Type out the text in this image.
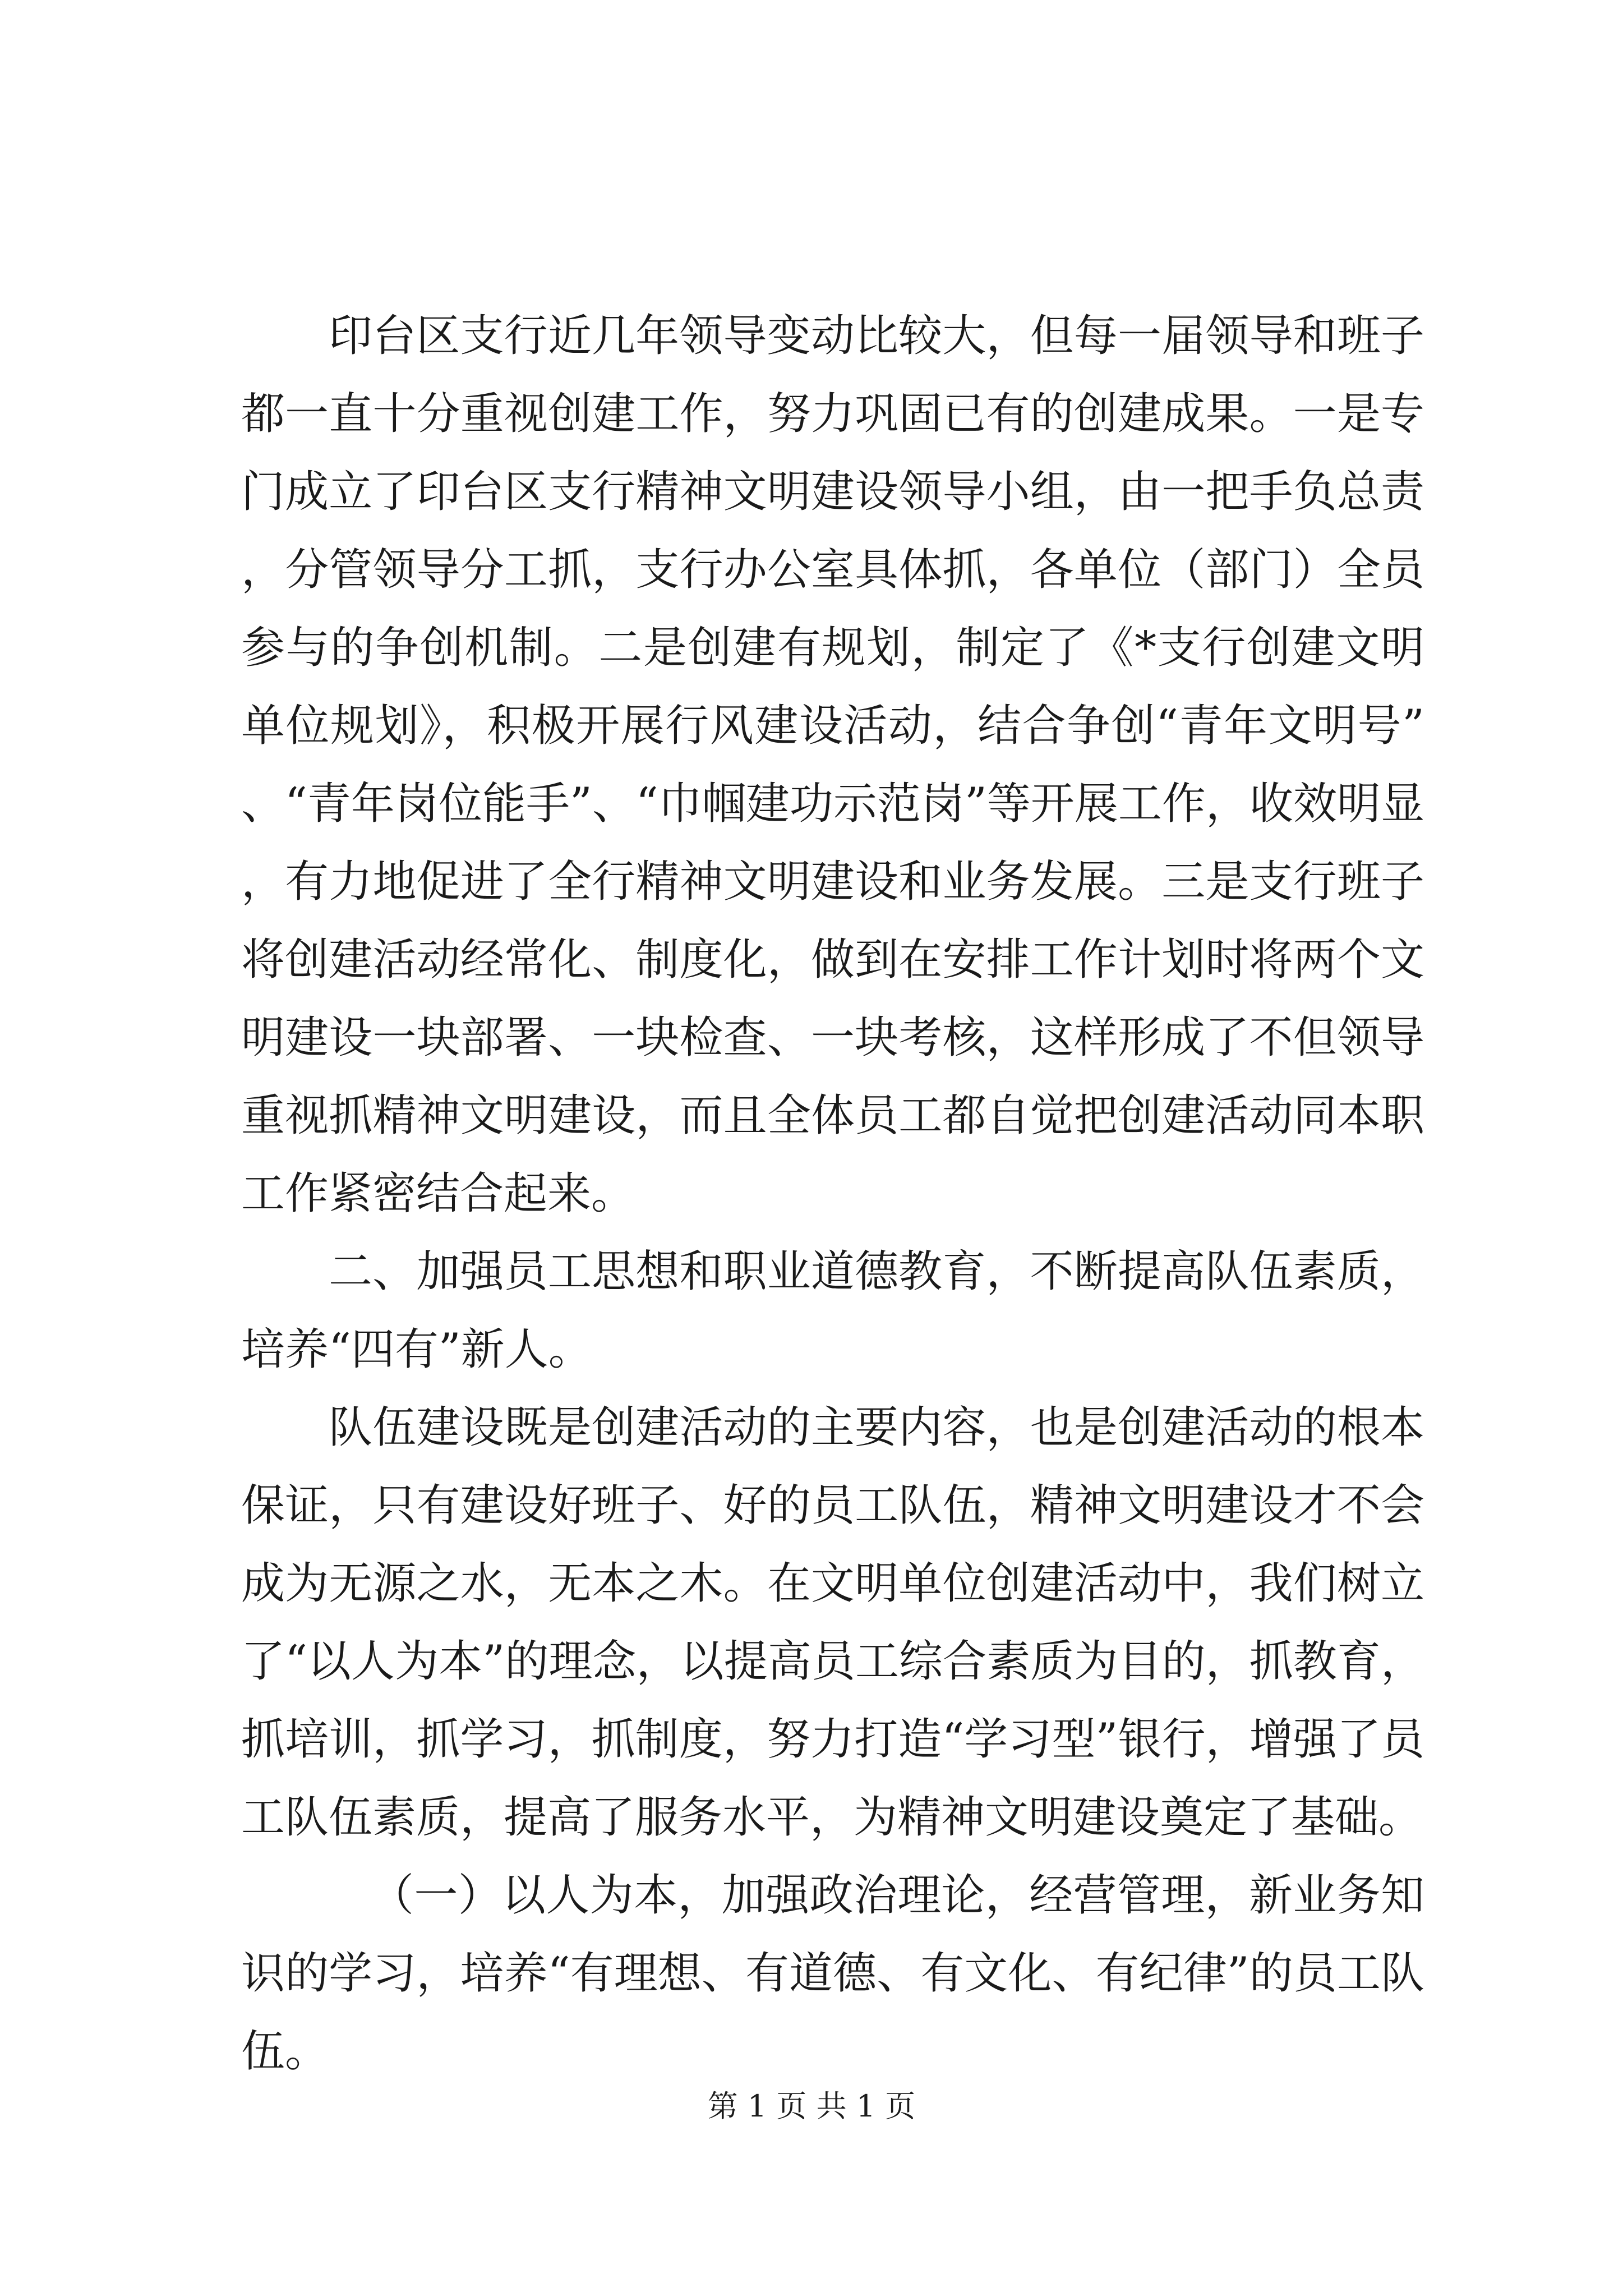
印台区支行近几年领导变动比较大，但每一届领导和班子都一直十分重视创建工作，努力巩固已有的创建成果。一是专门成立了印台区支行精神文明建设领导小组，由一把手负总责，分管领导分工抓，支行办公室具体抓，各单位（部门）全员参与的争创机制。二是创建有规划，制定了《*支行创建文明单位规划》，积极开展行风建设活动，结合争创“青年文明号”、“青年岗位能手”、“巾帼建功示范岗”等开展工作，收效明显，有力地促进了全行精神文明建设和业务发展。三是支行班子将创建活动经常化、制度化，做到在安排工作计划时将两个文明建设一块部署、一块检查、一块考核，这样形成了不但领导重视抓精神文明建设，而且全体员工都自觉把创建活动同本职工作紧密结合起来。

二、加强员工思想和职业道德教育，不断提高队伍素质，培养“四有”新人。

队伍建设既是创建活动的主要内容，也是创建活动的根本保证，只有建设好班子、好的员工队伍，精神文明建设才不会成为无源之水，无本之木。在文明单位创建活动中，我们树立了“以人为本”的理念，以提高员工综合素质为目的，抓教育，抓培训，抓学习，抓制度，努力打造“学习型”银行，增强了员工队伍素质，提高了服务水平，为精神文明建设奠定了基础。

（一）以人为本，加强政治理论，经营管理，新业务知识的学习，培养“有理想、有道德、有文化、有纪律”的员工队伍。

第 1 页 共 1 页
